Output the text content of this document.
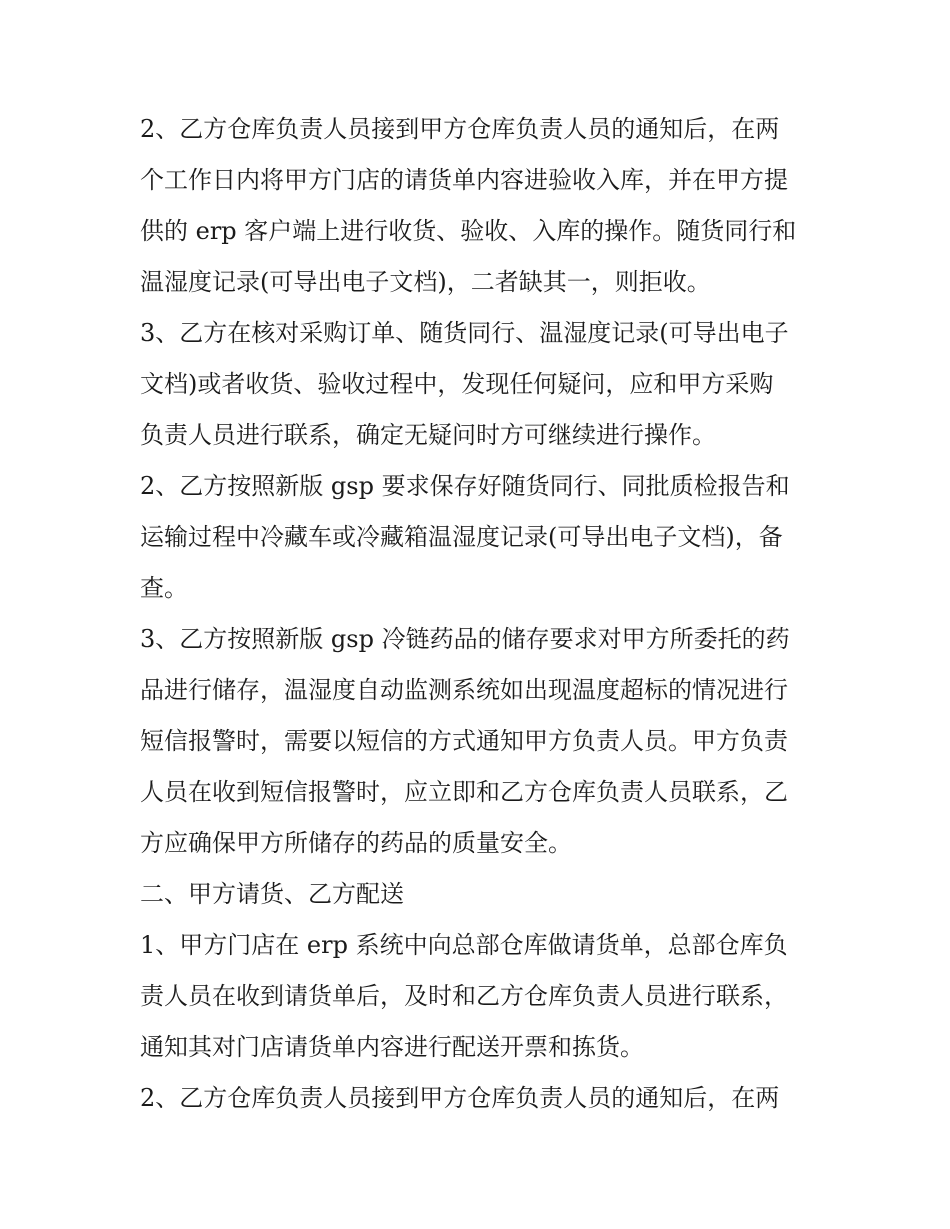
2、乙方仓库负责人员接到甲方仓库负责人员的通知后，在两
个工作日内将甲方门店的请货单内容进验收入库，并在甲方提
供的 erp 客户端上进行收货、验收、入库的操作。随货同行和
温湿度记录(可导出电子文档)，二者缺其一，则拒收。
3、乙方在核对采购订单、随货同行、温湿度记录(可导出电子
文档)或者收货、验收过程中，发现任何疑问，应和甲方采购
负责人员进行联系，确定无疑问时方可继续进行操作。
2、乙方按照新版 gsp 要求保存好随货同行、同批质检报告和
运输过程中冷藏车或冷藏箱温湿度记录(可导出电子文档)，备
查。
3、乙方按照新版 gsp 冷链药品的储存要求对甲方所委托的药
品进行储存，温湿度自动监测系统如出现温度超标的情况进行
短信报警时，需要以短信的方式通知甲方负责人员。甲方负责
人员在收到短信报警时，应立即和乙方仓库负责人员联系，乙
方应确保甲方所储存的药品的质量安全。
二、甲方请货、乙方配送
1、甲方门店在 erp 系统中向总部仓库做请货单，总部仓库负
责人员在收到请货单后，及时和乙方仓库负责人员进行联系，
通知其对门店请货单内容进行配送开票和拣货。
2、乙方仓库负责人员接到甲方仓库负责人员的通知后，在两
